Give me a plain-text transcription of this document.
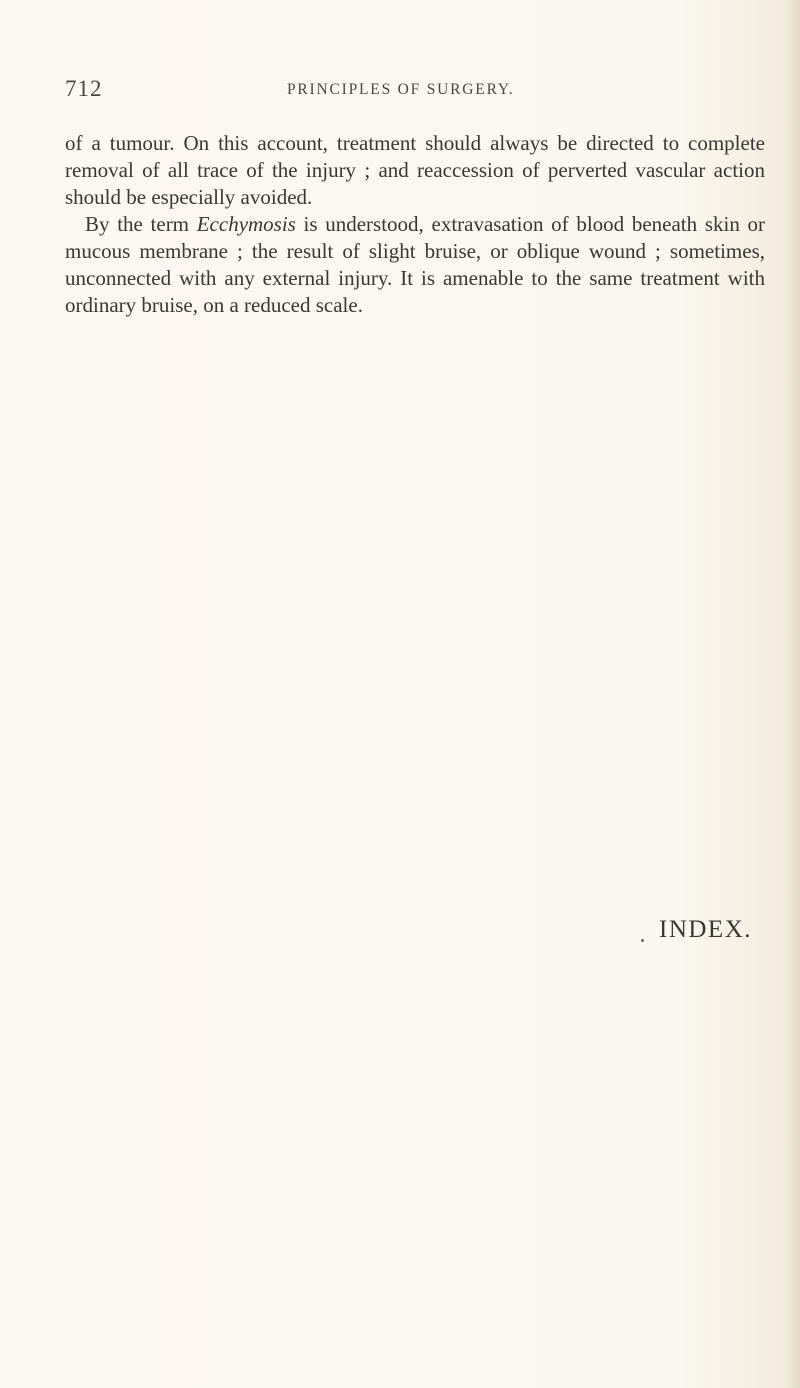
712	PRINCIPLES OF SURGERY.

of a tumour. On this account, treatment should always be directed to complete removal of all trace of the injury ; and reaccession of perverted vascular action should be especially avoided.

By the term Ecchymosis is understood, extravasation of blood beneath skin or mucous membrane ; the result of slight bruise, or oblique wound ; sometimes, unconnected with any external injury. It is amenable to the same treatment with ordinary bruise, on a reduced scale.

INDEX.
